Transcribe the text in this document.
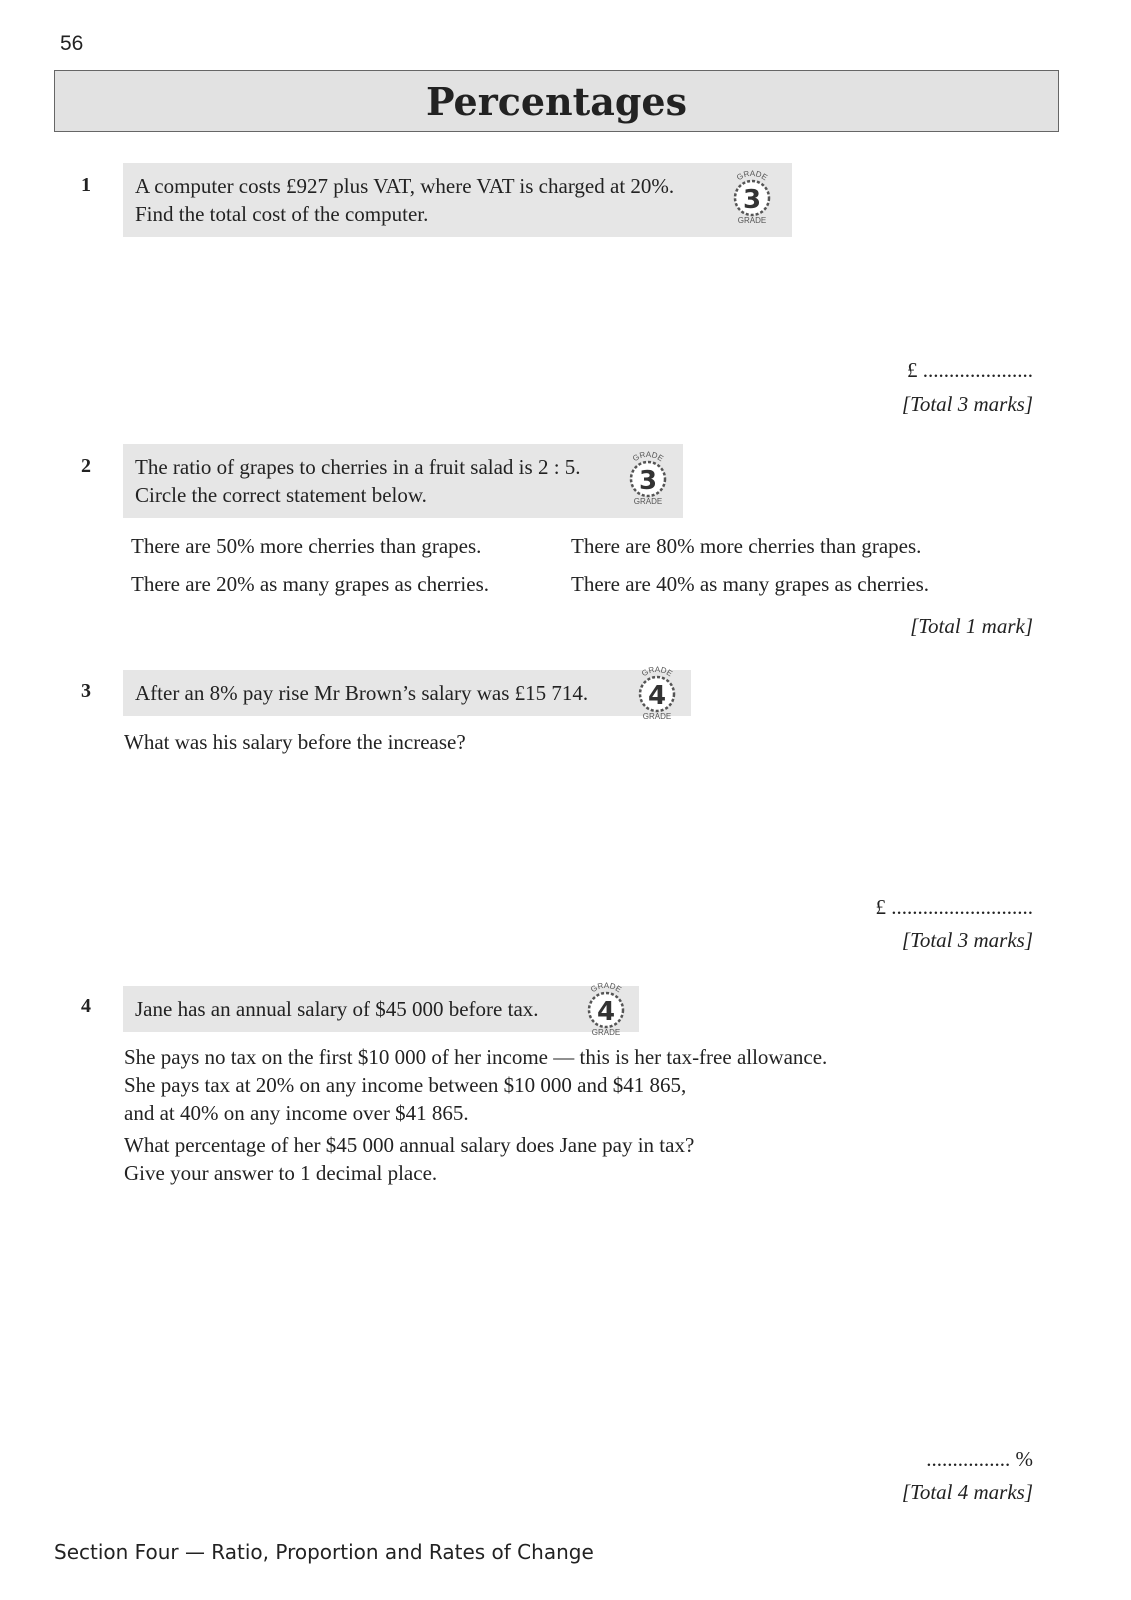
56
Percentages
1 A computer costs £927 plus VAT, where VAT is charged at 20%.
Find the total cost of the computer.
GRADE
3
GRADE
£ .....................
[Total 3 marks]
2 The ratio of grapes to cherries in a fruit salad is 2 : 5.
Circle the correct statement below.
GRADE
3
GRADE
There are 50% more cherries than grapes.	There are 80% more cherries than grapes.
There are 20% as many grapes as cherries.	There are 40% as many grapes as cherries.
[Total 1 mark]
3 After an 8% pay rise Mr Brown’s salary was £15 714.
GRADE
4
GRADE
What was his salary before the increase?
£ ...........................
[Total 3 marks]
4 Jane has an annual salary of $45 000 before tax.
GRADE
4
GRADE
She pays no tax on the first $10 000 of her income — this is her tax-free allowance.
She pays tax at 20% on any income between $10 000 and $41 865,
and at 40% on any income over $41 865.
What percentage of her $45 000 annual salary does Jane pay in tax?
Give your answer to 1 decimal place.
................ %
[Total 4 marks]
Section Four — Ratio, Proportion and Rates of Change
